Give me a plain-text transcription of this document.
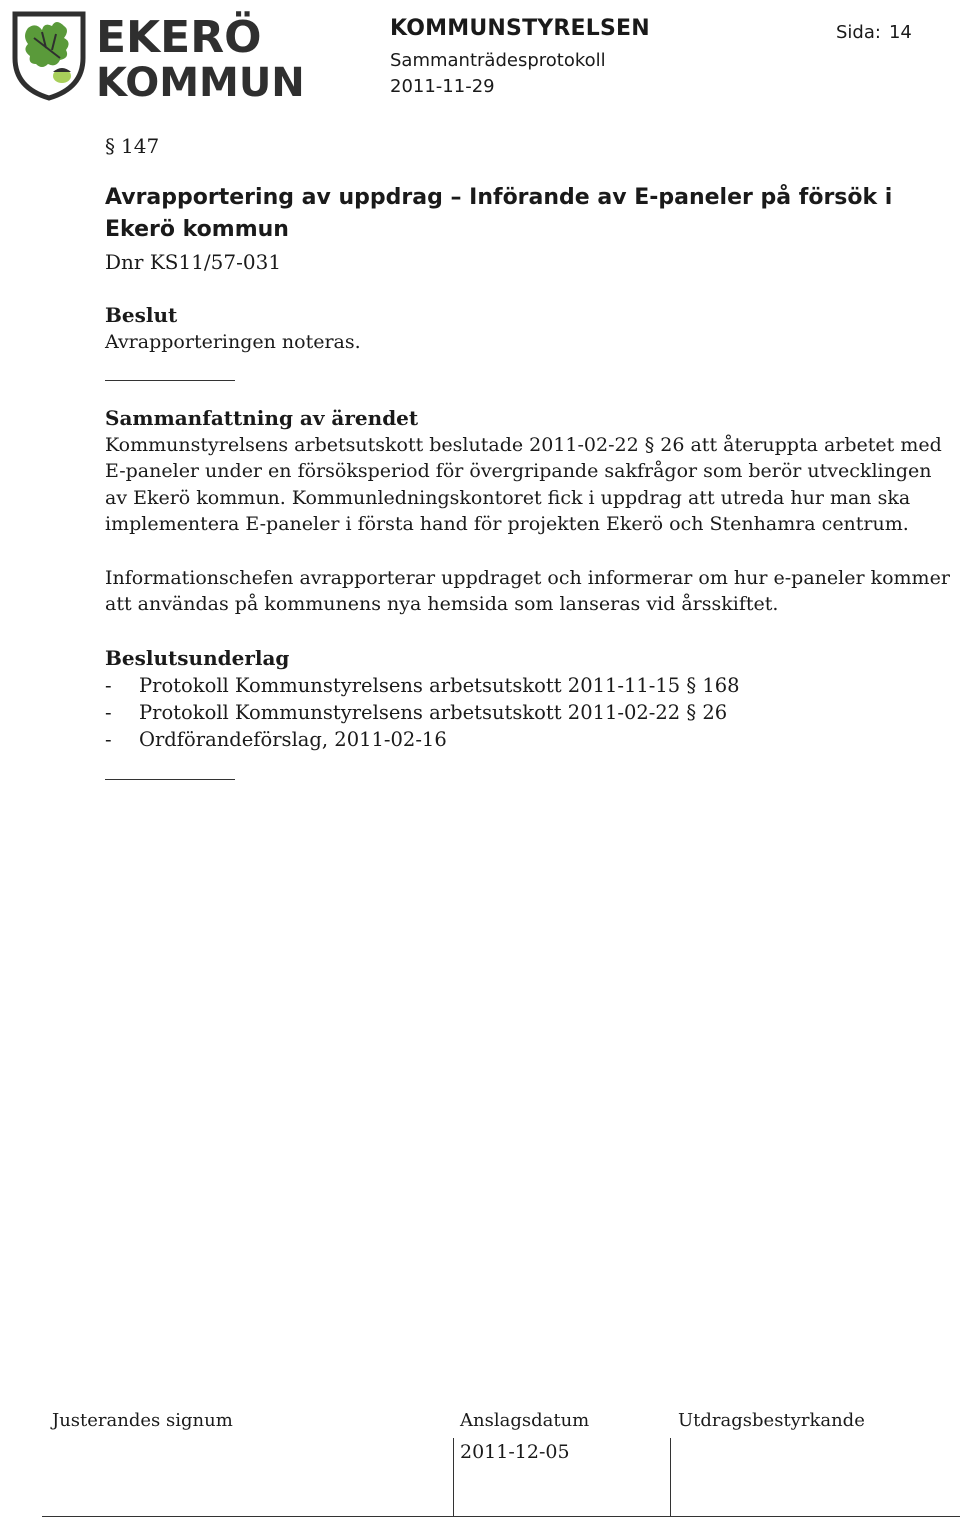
EKERÖ
KOMMUN
KOMMUNSTYRELSEN
Sammanträdesprotokoll
2011-11-29
Sida: 14
§ 147
Avrapportering av uppdrag – Införande av E-paneler på försök i Ekerö kommun
Dnr KS11/57-031
Beslut
Avrapporteringen noteras.
Sammanfattning av ärendet

Kommunstyrelsens arbetsutskott beslutade 2011-02-22 § 26 att återuppta arbetet med E-paneler under en försöksperiod för övergripande sakfrågor som berör utvecklingen av Ekerö kommun. Kommunledningskontoret fick i uppdrag att utreda hur man ska implementera E-paneler i första hand för projekten Ekerö och Stenhamra centrum.

Informationschefen avrapporterar uppdraget och informerar om hur e-paneler kommer att användas på kommunens nya hemsida som lanseras vid årsskiftet.

Beslutsunderlag
- Protokoll Kommunstyrelsens arbetsutskott 2011-11-15 § 168
- Protokoll Kommunstyrelsens arbetsutskott 2011-02-22 § 26
- Ordförandeförslag, 2011-02-16
Justerandes signum	Anslagsdatum	Utdragsbestyrkande
2011-12-05
